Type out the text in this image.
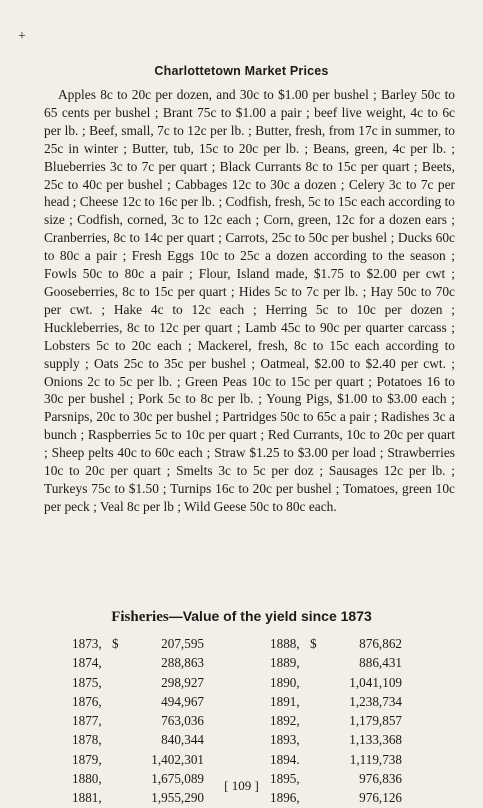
+
Charlottetown Market Prices

Apples 8c to 20c per dozen, and 30c to $1.00 per bushel ; Barley 50c to 65 cents per bushel ; Brant 75c to $1.00 a pair ; beef live weight, 4c to 6c per lb. ; Beef, small, 7c to 12c per lb. ; Butter, fresh, from 17c in summer, to 25c in winter ; Butter, tub, 15c to 20c per lb. ; Beans, green, 4c per lb. ; Blueberries 3c to 7c per quart ; Black Currants 8c to 15c per quart ; Beets, 25c to 40c per bushel ; Cabbages 12c to 30c a dozen ; Celery 3c to 7c per head ; Cheese 12c to 16c per lb. ; Codfish, fresh, 5c to 15c each according to size ; Codfish, corned, 3c to 12c each ; Corn, green, 12c for a dozen ears ; Cranberries, 8c to 14c per quart ; Carrots, 25c to 50c per bushel ; Ducks 60c to 80c a pair ; Fresh Eggs 10c to 25c a dozen according to the season ; Fowls 50c to 80c a pair ; Flour, Island made, $1.75 to $2.00 per cwt ; Gooseberries, 8c to 15c per quart ; Hides 5c to 7c per lb. ; Hay 50c to 70c per cwt. ; Hake 4c to 12c each ; Herring 5c to 10c per dozen ; Huckleberries, 8c to 12c per quart ; Lamb 45c to 90c per quarter carcass ; Lobsters 5c to 20c each ; Mackerel, fresh, 8c to 15c each according to supply ; Oats 25c to 35c per bushel ; Oatmeal, $2.00 to $2.40 per cwt. ; Onions 2c to 5c per lb. ; Green Peas 10c to 15c per quart ; Potatoes 16 to 30c per bushel ; Pork 5c to 8c per lb. ; Young Pigs, $1.00 to $3.00 each ; Parsnips, 20c to 30c per bushel ; Partridges 50c to 65c a pair ; Radishes 3c a bunch ; Raspberries 5c to 10c per quart ; Red Currants, 10c to 20c per quart ; Sheep pelts 40c to 60c each ; Straw $1.25 to $3.00 per load ; Strawberries 10c to 20c per quart ; Smelts 3c to 5c per doz ; Sausages 12c per lb. ; Turkeys 75c to $1.50 ; Turnips 16c to 20c per bushel ; Tomatoes, green 10c per peck ; Veal 8c per lb ; Wild Geese 50c to 80c each.

Fisheries—Value of the yield since 1873
1873, $	207,595
1874,	288,863
1875,	298,927
1876,	494,967
1877,	763,036
1878,	840,344
1879,	1,402,301
1880,	1,675,089
1881,	1,955,290
1888, $	876,862
1889,	886,431
1890,	1,041,109
1891,	1,238,734
1892,	1,179,857
1893,	1,133,368
1894.	1,119,738
1895,	976,836
1896,	976,126
[ 109 ]
